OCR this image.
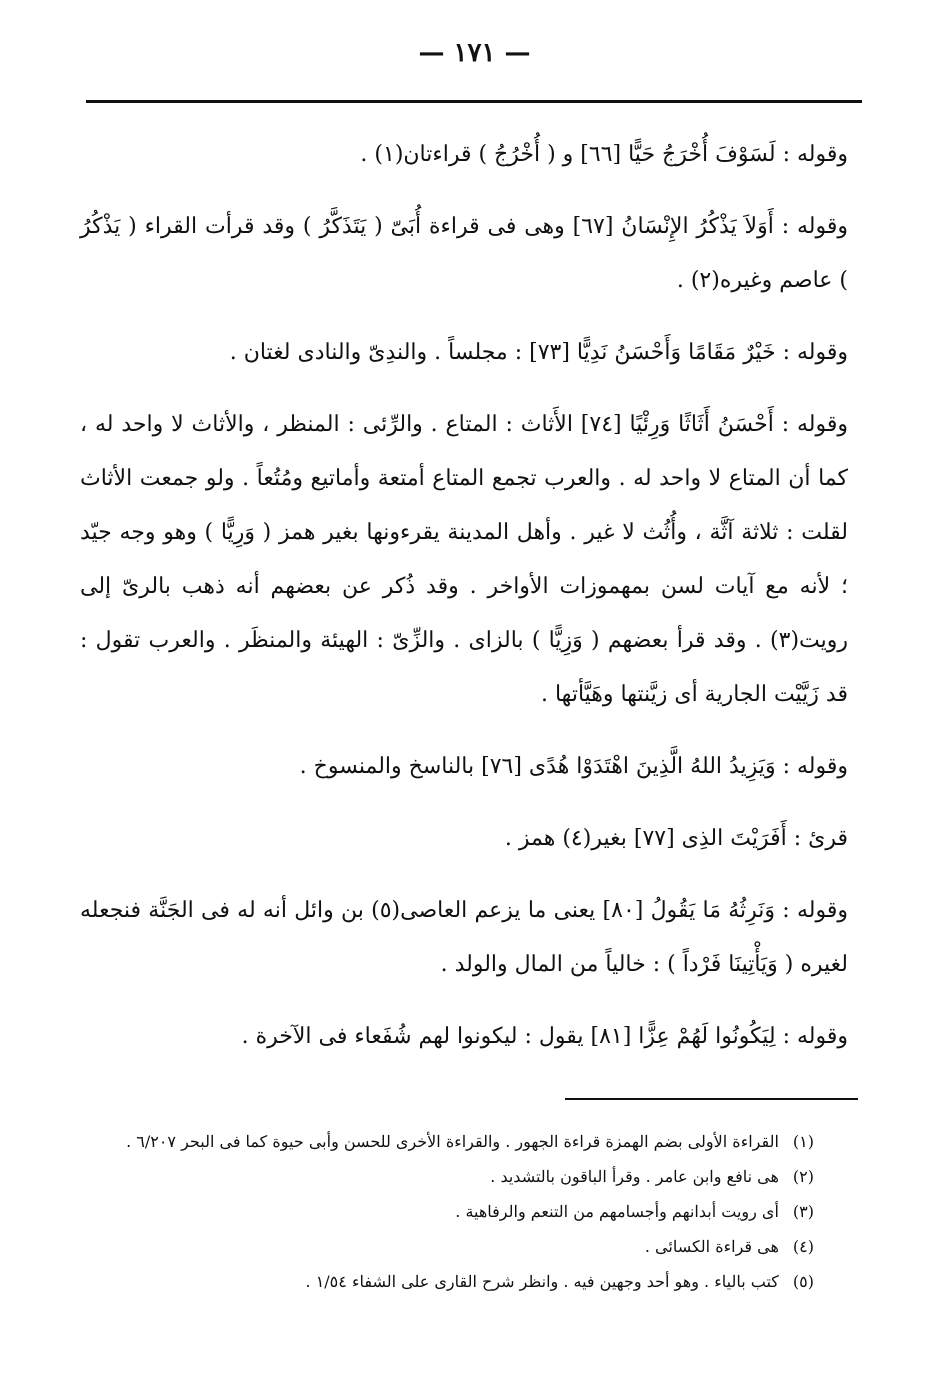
— ١٧١ —

وقوله : لَسَوْفَ أُخْرَجُ حَيًّا [٦٦] و ( أُخْرُجُ ) قراءتان(١) .

وقوله : أَوَلاَ يَذْكُرُ الإِنْسَانُ [٦٧] وهى فى قراءة أُبَىّ ( يَتَذَكَّرُ ) وقد قرأت القراء ( يَذْكُرُ ) عاصم وغيره(٢) .

وقوله : خَيْرٌ مَقَامًا وَأَحْسَنُ نَدِيًّا [٧٣] : مجلساً . والندِىّ والنادى لغتان .

وقوله : أَحْسَنُ أَثَاثًا وَرِئْيًا [٧٤] الأَثاث : المتاع . والرِّئى : المنظر ، والأثاث لا واحد له ، كما أن المتاع لا واحد له . والعرب تجمع المتاع أمتعة وأماتيع ومُتُعاً . ولو جمعت الأثاث لقلت : ثلاثة آثَّة ، وأُثُث لا غير . وأهل المدينة يقرءونها بغير همز ( وَرِيًّا ) وهو وجه جيّد ؛ لأنه مع آيات لسن بمهموزات الأواخر . وقد ذُكر عن بعضهم أنه ذهب بالرىّ إلى رويت(٣) . وقد قرأ بعضهم ( وَزِيًّا ) بالزاى . والزِّىّ : الهيئة والمنظَر . والعرب تقول : قد زَيَّيْت الجارية أى زيَّنتها وهَيَّأتها .

وقوله : وَيَزِيدُ اللهُ الَّذِينَ اهْتَدَوْا هُدًى [٧٦] بالناسخ والمنسوخ .

قرئ : أَفَرَيْتَ الذِى [٧٧] بغير(٤) همز .

وقوله : وَنَرِثُهُ مَا يَقُولُ [٨٠] يعنى ما يزعم العاصى(٥) بن وائل أنه له فى الجَنَّة فنجعله لغيره ( وَيَأْتِينَا فَرْداً ) : خالياً من المال والولد .

وقوله : لِيَكُونُوا لَهُمْ عِزًّا [٨١] يقول : ليكونوا لهم شُفَعاء فى الآخرة .

(١) القراءة الأولى بضم الهمزة قراءة الجهور . والقراءة الأخرى للحسن وأبى حيوة كما فى البحر ٦/٢٠٧ .

(٢) هى نافع وابن عامر . وقرأ الباقون بالتشديد .

(٣) أى رويت أبدانهم وأجسامهم من التنعم والرفاهية .

(٤) هى قراءة الكسائى .

(٥) كتب بالياء . وهو أحد وجهين فيه . وانظر شرح القارى على الشفاء ١/٥٤ .
